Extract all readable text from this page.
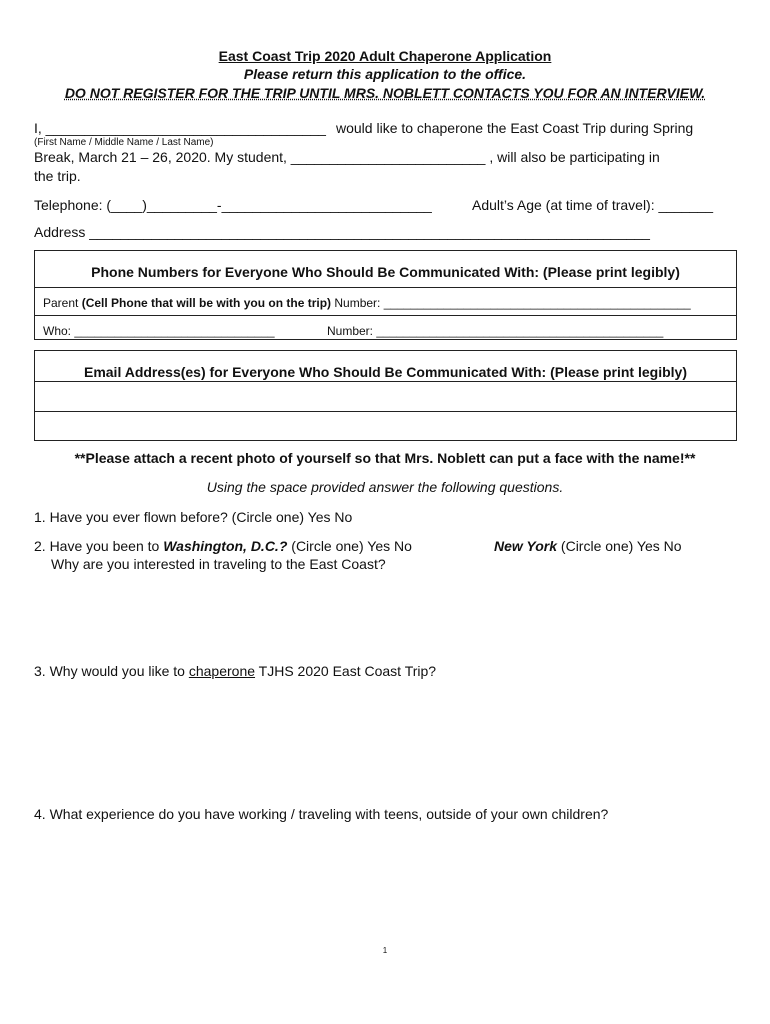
East Coast Trip 2020 Adult Chaperone Application
Please return this application to the office.
DO NOT REGISTER FOR THE TRIP UNTIL MRS. NOBLETT CONTACTS YOU FOR AN INTERVIEW.
I, ____________________________________ would like to chaperone the East Coast Trip during Spring
(First Name / Middle Name / Last Name)
Break, March 21 – 26, 2020. My student, _________________________ , will also be participating in
the trip.
Telephone: (____)_________-___________________________	Adult’s Age (at time of travel): _______
Address ________________________________________________________________________
Phone Numbers for Everyone Who Should Be Communicated With: (Please print legibly)
Parent (Cell Phone that will be with you on the trip) Number: ______________________________________________
Who: ______________________________	Number: ___________________________________________
Email Address(es) for Everyone Who Should Be Communicated With: (Please print legibly)
**Please attach a recent photo of yourself so that Mrs. Noblett can put a face with the name!**
Using the space provided answer the following questions.
1. Have you ever flown before? (Circle one) Yes No
2. Have you been to Washington, D.C.? (Circle one) Yes No	New York (Circle one) Yes No
Why are you interested in traveling to the East Coast?
3. Why would you like to chaperone TJHS 2020 East Coast Trip?
4. What experience do you have working / traveling with teens, outside of your own children?
1
